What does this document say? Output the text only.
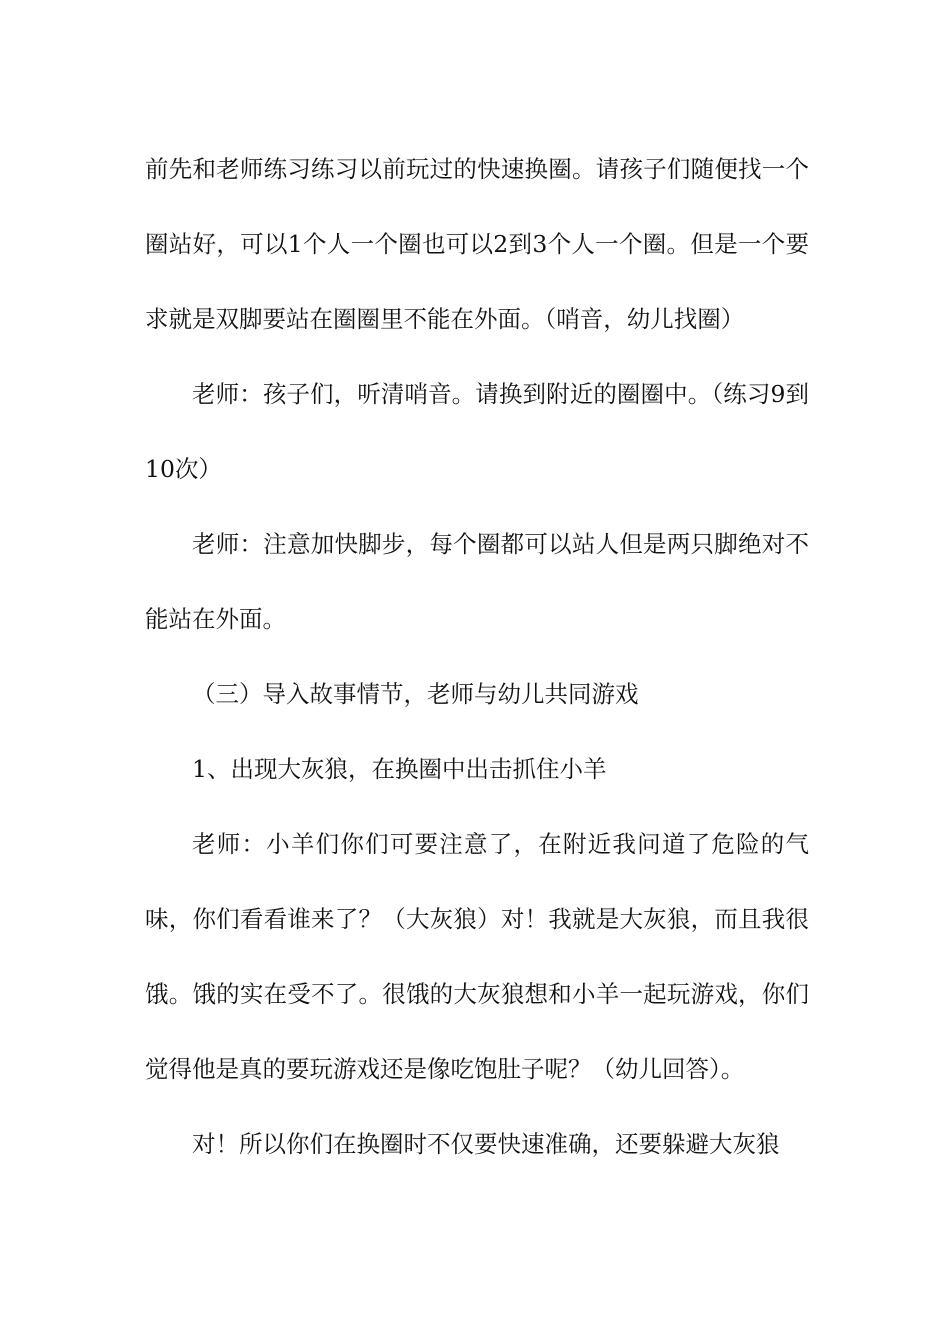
前先和老师练习练习以前玩过的快速换圈。请孩子们随便找一个圈站好，可以1个人一个圈也可以2到3个人一个圈。但是一个要求就是双脚要站在圈圈里不能在外面。（哨音，幼儿找圈）

老师：孩子们，听清哨音。请换到附近的圈圈中。（练习9到10次）

老师：注意加快脚步，每个圈都可以站人但是两只脚绝对不能站在外面。

（三）导入故事情节，老师与幼儿共同游戏

1、出现大灰狼，在换圈中出击抓住小羊

老师：小羊们你们可要注意了，在附近我问道了危险的气味，你们看看谁来了？（大灰狼）对！我就是大灰狼，而且我很饿。饿的实在受不了。很饿的大灰狼想和小羊一起玩游戏，你们觉得他是真的要玩游戏还是像吃饱肚子呢？（幼儿回答）。

对！所以你们在换圈时不仅要快速准确，还要躲避大灰狼
